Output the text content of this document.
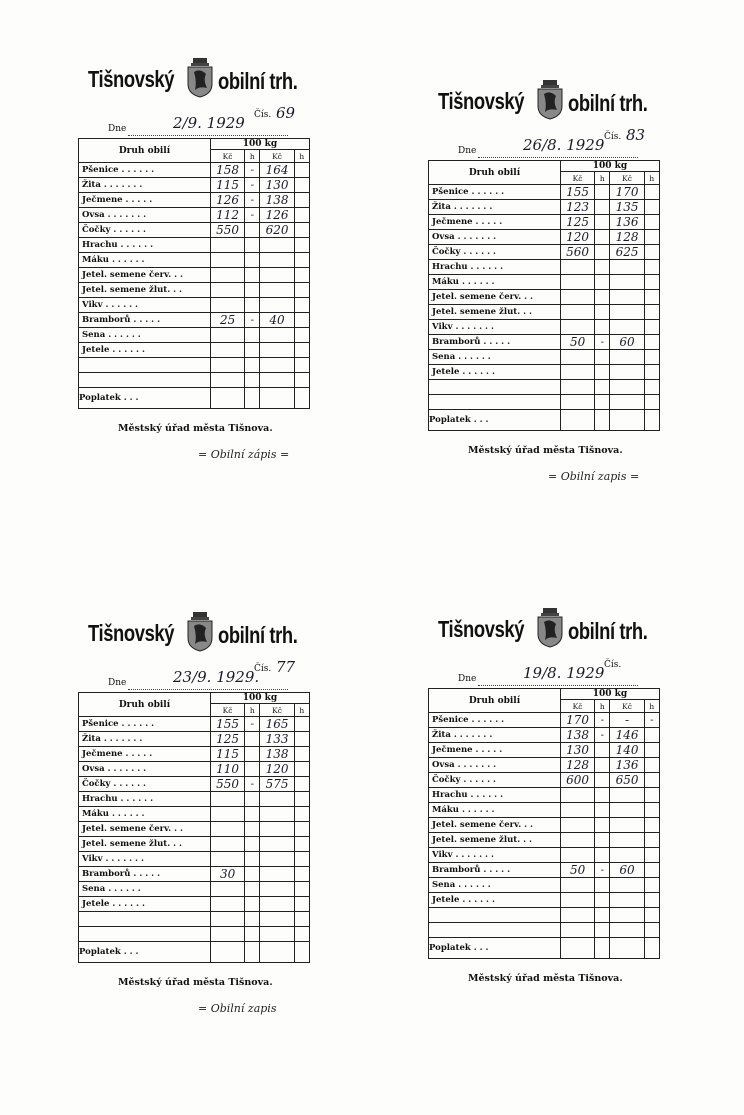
Tišnovský obilní trh.
Dne	2/9. 1929 Čís. 69
Druh obilí	100 kg			
	Kč	h	Kč	h
Pšenice . . . . . .	158	-	164	
Žita . . . . . . .	115	-	130	
Ječmene . . . . .	126	-	138	
Ovsa . . . . . . .	112	-	126	
Čočky . . . . . .	550		620	
Hrachu . . . . . .				
Máku . . . . . .				
Jetel. semene červ. . .				
Jetel. semene žlut. . .				
Vikv . . . . . .				
Bramborů . . . . .	25	-	40	
Sena . . . . . .				
Jetele . . . . . .				

Poplatek . . .				
Městský úřad města Tišnova.
= Obilní zápis =
Tišnovský obilní trh.
Dne	26/8. 1929 Čís. 83
Druh obilí	100 kg			
	Kč	h	Kč	h
Pšenice . . . . . .	155		170	
Žita . . . . . . .	123		135	
Ječmene . . . . .	125		136	
Ovsa . . . . . . .	120		128	
Čočky . . . . . .	560		625	
Hrachu . . . . . .				
Máku . . . . . .				
Jetel. semene červ. . .				
Jetel. semene žlut. . .				
Vikv . . . . . . .				
Bramborů . . . . .	50	-	60	
Sena . . . . . .				
Jetele . . . . . .				

Poplatek . . .				
Městský úřad města Tišnova.
= Obilní zapis =
Tišnovský obilní trh.
Dne	23/9. 1929.
Čís. 77
Druh obilí	100 kg			
	Kč	h	Kč	h
Pšenice . . . . . .	155	-	165	
Žita . . . . . . .	125		133	
Ječmene . . . . .	115		138	
Ovsa . . . . . . .	110		120	
Čočky . . . . . .	550	-	575	
Hrachu . . . . . .				
Máku . . . . . .				
Jetel. semene červ. . .				
Jetel. semene žlut. . .				
Vikv . . . . . . .				
Bramborů . . . . .	30			
Sena . . . . . .				
Jetele . . . . . .				

Poplatek . . .				
Městský úřad města Tišnova.
= Obilní zapis
Tišnovský obilní trh.
Dne	19/8. 1929 Čís.
Druh obilí	100 kg			
	Kč	h	Kč	h
Pšenice . . . . . .	170	-	-	-
Žita . . . . . . .	138	-	146	
Ječmene . . . . .	130		140	
Ovsa . . . . . . .	128		136	
Čočky . . . . . .	600		650	
Hrachu . . . . . .				
Máku . . . . . .				
Jetel. semene červ. . .				
Jetel. semene žlut. . .				
Vikv . . . . . . .				
Bramborů . . . . .	50	-	60	
Sena . . . . . .				
Jetele . . . . . .				

Poplatek . . .				
Městský úřad města Tišnova.
